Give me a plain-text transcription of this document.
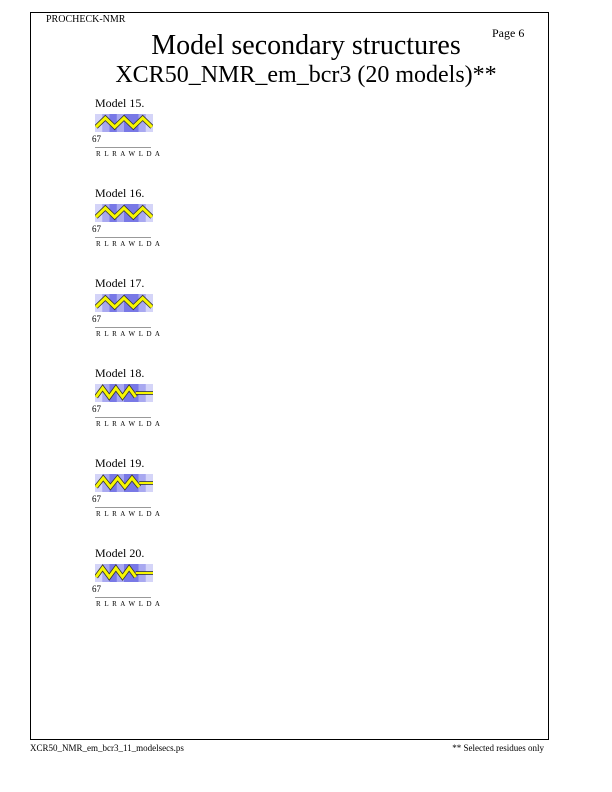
PROCHECK-NMR
Page 6
Model secondary structures
XCR50_NMR_em_bcr3 (20 models)**
Model 15.
67
R L R A W L D A
Model 16.
67
R L R A W L D A
Model 17.
67
R L R A W L D A
Model 18.
67
R L R A W L D A
Model 19.
67
R L R A W L D A
Model 20.
67
R L R A W L D A
XCR50_NMR_em_bcr3_11_modelsecs.ps	** Selected residues only
